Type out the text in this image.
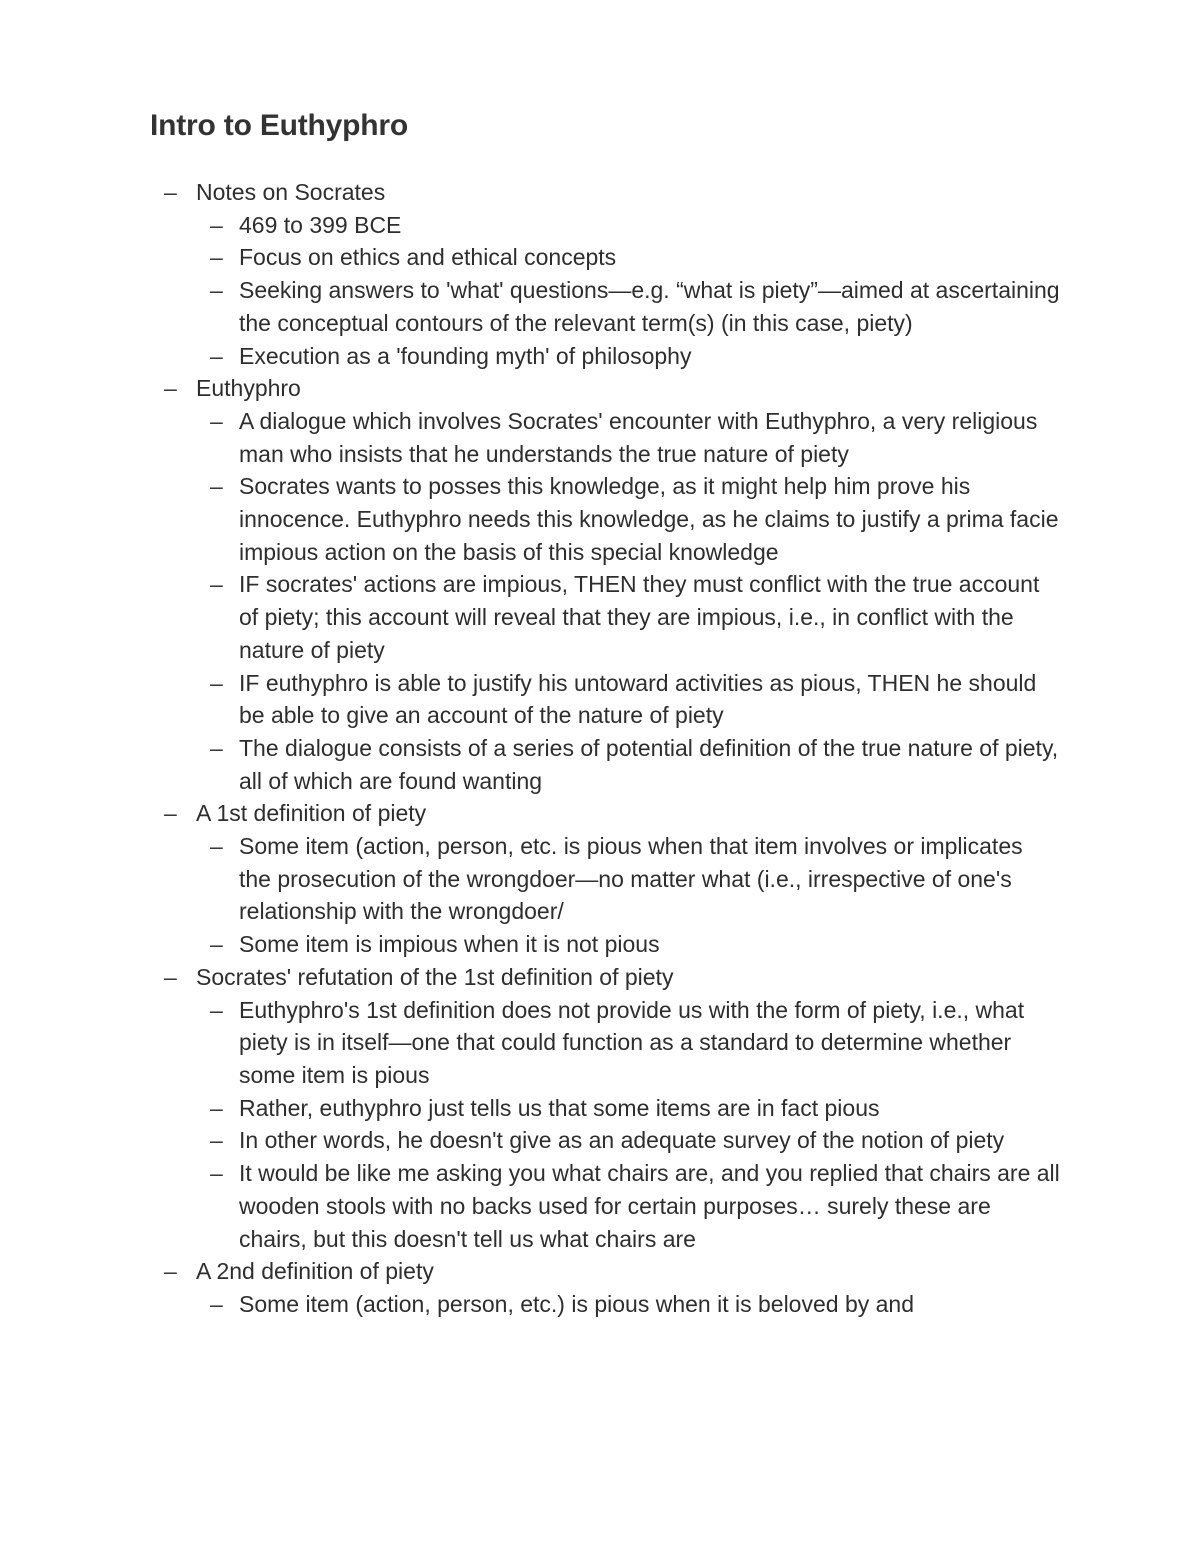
Intro to Euthyphro
– Notes on Socrates
– 469 to 399 BCE
– Focus on ethics and ethical concepts
– Seeking answers to 'what' questions—e.g. “what is piety”—aimed at ascertaining the conceptual contours of the relevant term(s) (in this case, piety)
– Execution as a 'founding myth' of philosophy
– Euthyphro
– A dialogue which involves Socrates' encounter with Euthyphro, a very religious man who insists that he understands the true nature of piety
– Socrates wants to posses this knowledge, as it might help him prove his innocence. Euthyphro needs this knowledge, as he claims to justify a prima facie impious action on the basis of this special knowledge
– IF socrates' actions are impious, THEN they must conflict with the true account of piety; this account will reveal that they are impious, i.e., in conflict with the nature of piety
– IF euthyphro is able to justify his untoward activities as pious, THEN he should be able to give an account of the nature of piety
– The dialogue consists of a series of potential definition of the true nature of piety, all of which are found wanting
– A 1st definition of piety
– Some item (action, person, etc. is pious when that item involves or implicates the prosecution of the wrongdoer—no matter what (i.e., irrespective of one's relationship with the wrongdoer/
– Some item is impious when it is not pious
– Socrates' refutation of the 1st definition of piety
– Euthyphro's 1st definition does not provide us with the form of piety, i.e., what piety is in itself—one that could function as a standard to determine whether some item is pious
– Rather, euthyphro just tells us that some items are in fact pious
– In other words, he doesn't give as an adequate survey of the notion of piety
– It would be like me asking you what chairs are, and you replied that chairs are all wooden stools with no backs used for certain purposes… surely these are chairs, but this doesn't tell us what chairs are
– A 2nd definition of piety
– Some item (action, person, etc.) is pious when it is beloved by and
